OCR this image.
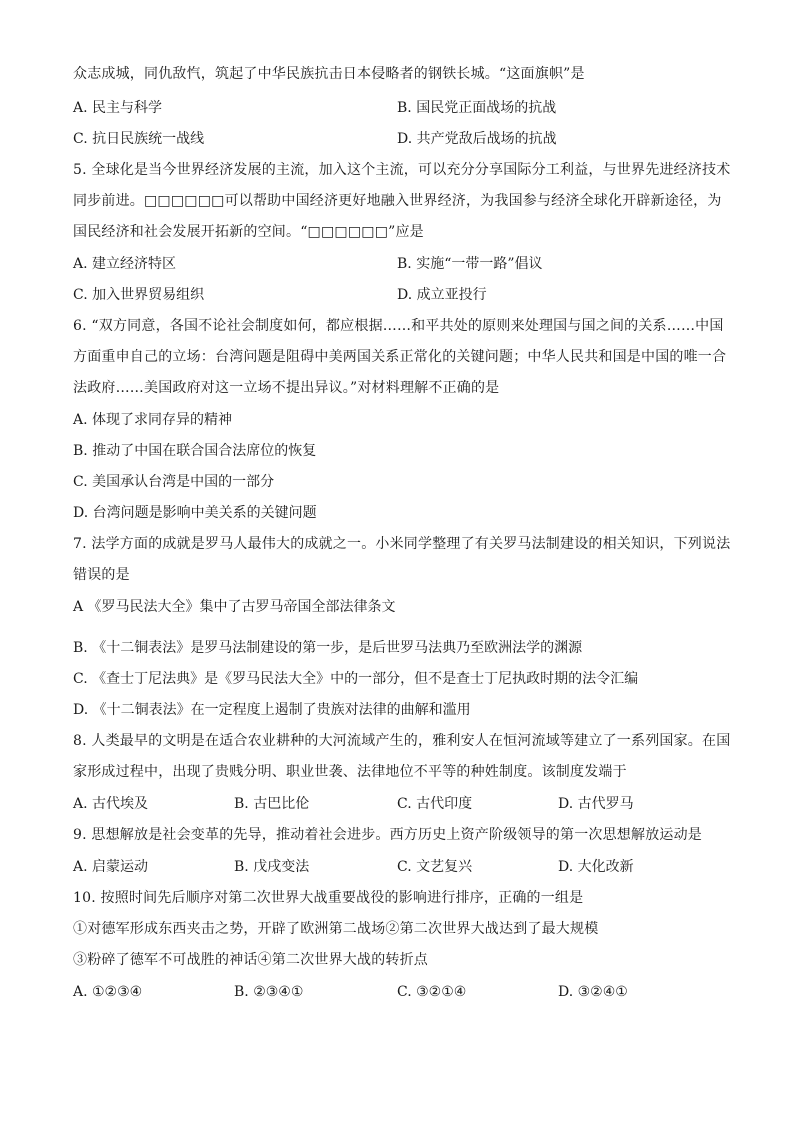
众志成城，同仇敌忾，筑起了中华民族抗击日本侵略者的钢铁长城。“这面旗帜”是
A. 民主与科学	B. 国民党正面战场的抗战
C. 抗日民族统一战线	D. 共产党敌后战场的抗战
5. 全球化是当今世界经济发展的主流，加入这个主流，可以充分分享国际分工利益，与世界先进经济技术
同步前进。□□□□□□可以帮助中国经济更好地融入世界经济，为我国参与经济全球化开辟新途径，为
国民经济和社会发展开拓新的空间。“□□□□□□”应是
A. 建立经济特区	B. 实施“一带一路”倡议
C. 加入世界贸易组织	D. 成立亚投行
6. “双方同意，各国不论社会制度如何，都应根据……和平共处的原则来处理国与国之间的关系……中国
方面重申自己的立场：台湾问题是阻碍中美两国关系正常化的关键问题；中华人民共和国是中国的唯一合
法政府……美国政府对这一立场不提出异议。”对材料理解不正确的是
A. 体现了求同存异的精神
B. 推动了中国在联合国合法席位的恢复
C. 美国承认台湾是中国的一部分
D. 台湾问题是影响中美关系的关键问题
7. 法学方面的成就是罗马人最伟大的成就之一。小米同学整理了有关罗马法制建设的相关知识，下列说法
错误的是
A 《罗马民法大全》集中了古罗马帝国全部法律条文
B. 《十二铜表法》是罗马法制建设的第一步，是后世罗马法典乃至欧洲法学的渊源
C. 《查士丁尼法典》是《罗马民法大全》中的一部分，但不是查士丁尼执政时期的法令汇编
D. 《十二铜表法》在一定程度上遏制了贵族对法律的曲解和滥用
8. 人类最早的文明是在适合农业耕种的大河流域产生的，雅利安人在恒河流域等建立了一系列国家。在国
家形成过程中，出现了贵贱分明、职业世袭、法律地位不平等的种姓制度。该制度发端于
A. 古代埃及	B. 古巴比伦	C. 古代印度	D. 古代罗马
9. 思想解放是社会变革的先导，推动着社会进步。西方历史上资产阶级领导的第一次思想解放运动是
A. 启蒙运动	B. 戊戌变法	C. 文艺复兴	D. 大化改新
10. 按照时间先后顺序对第二次世界大战重要战役的影响进行排序，正确的一组是
①对德军形成东西夹击之势，开辟了欧洲第二战场②第二次世界大战达到了最大规模
③粉碎了德军不可战胜的神话④第二次世界大战的转折点
A. ①②③④	B. ②③④①	C. ③②①④	D. ③②④①
